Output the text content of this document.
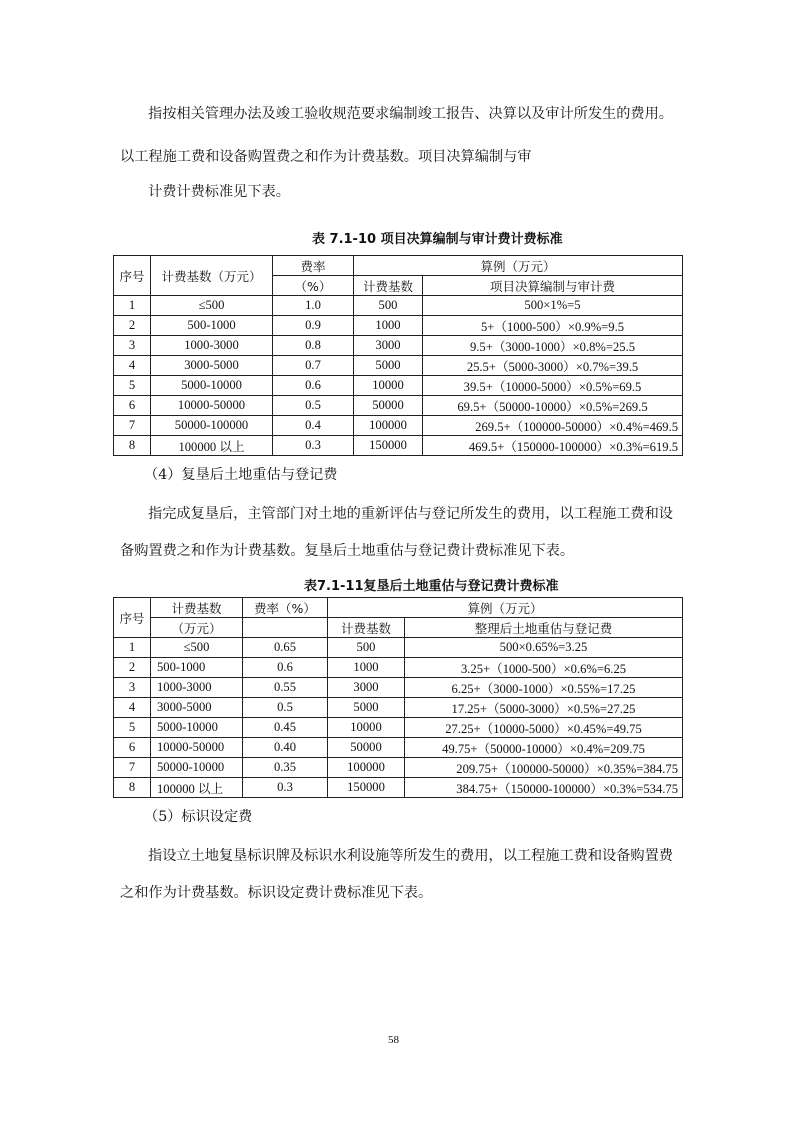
指按相关管理办法及竣工验收规范要求编制竣工报告、决算以及审计所发生的费用。
以工程施工费和设备购置费之和作为计费基数。项目决算编制与审
计费计费标准见下表。
表 7.1-10 项目决算编制与审计费计费标准
序号	计费基数（万元）	费率	算例（万元）	
		（%）	计费基数	项目决算编制与审计费
1	≤500	1.0	500	500×1%=5
2	500-1000	0.9	1000	5+（1000-500）×0.9%=9.5
3	1000-3000	0.8	3000	9.5+（3000-1000）×0.8%=25.5
4	3000-5000	0.7	5000	25.5+（5000-3000）×0.7%=39.5
5	5000-10000	0.6	10000	39.5+（10000-5000）×0.5%=69.5
6	10000-50000	0.5	50000	69.5+（50000-10000）×0.5%=269.5
7	50000-100000	0.4	100000	269.5+（100000-50000）×0.4%=469.5
8	100000 以上	0.3	150000	469.5+（150000-100000）×0.3%=619.5
（4）复垦后土地重估与登记费
指完成复垦后，主管部门对土地的重新评估与登记所发生的费用，以工程施工费和设
备购置费之和作为计费基数。复垦后土地重估与登记费计费标准见下表。
表7.1-11复垦后土地重估与登记费计费标准
序号	计费基数	费率（%）	算例（万元）	
	（万元）		计费基数	整理后土地重估与登记费
1	≤500	0.65	500	500×0.65%=3.25
2	500-1000	0.6	1000	3.25+（1000-500）×0.6%=6.25
3	1000-3000	0.55	3000	6.25+（3000-1000）×0.55%=17.25
4	3000-5000	0.5	5000	17.25+（5000-3000）×0.5%=27.25
5	5000-10000	0.45	10000	27.25+（10000-5000）×0.45%=49.75
6	10000-50000	0.40	50000	49.75+（50000-10000）×0.4%=209.75
7	50000-10000	0.35	100000	209.75+（100000-50000）×0.35%=384.75
8	100000 以上	0.3	150000	384.75+（150000-100000）×0.3%=534.75
（5）标识设定费
指设立土地复垦标识牌及标识水利设施等所发生的费用，以工程施工费和设备购置费
之和作为计费基数。标识设定费计费标准见下表。
58
